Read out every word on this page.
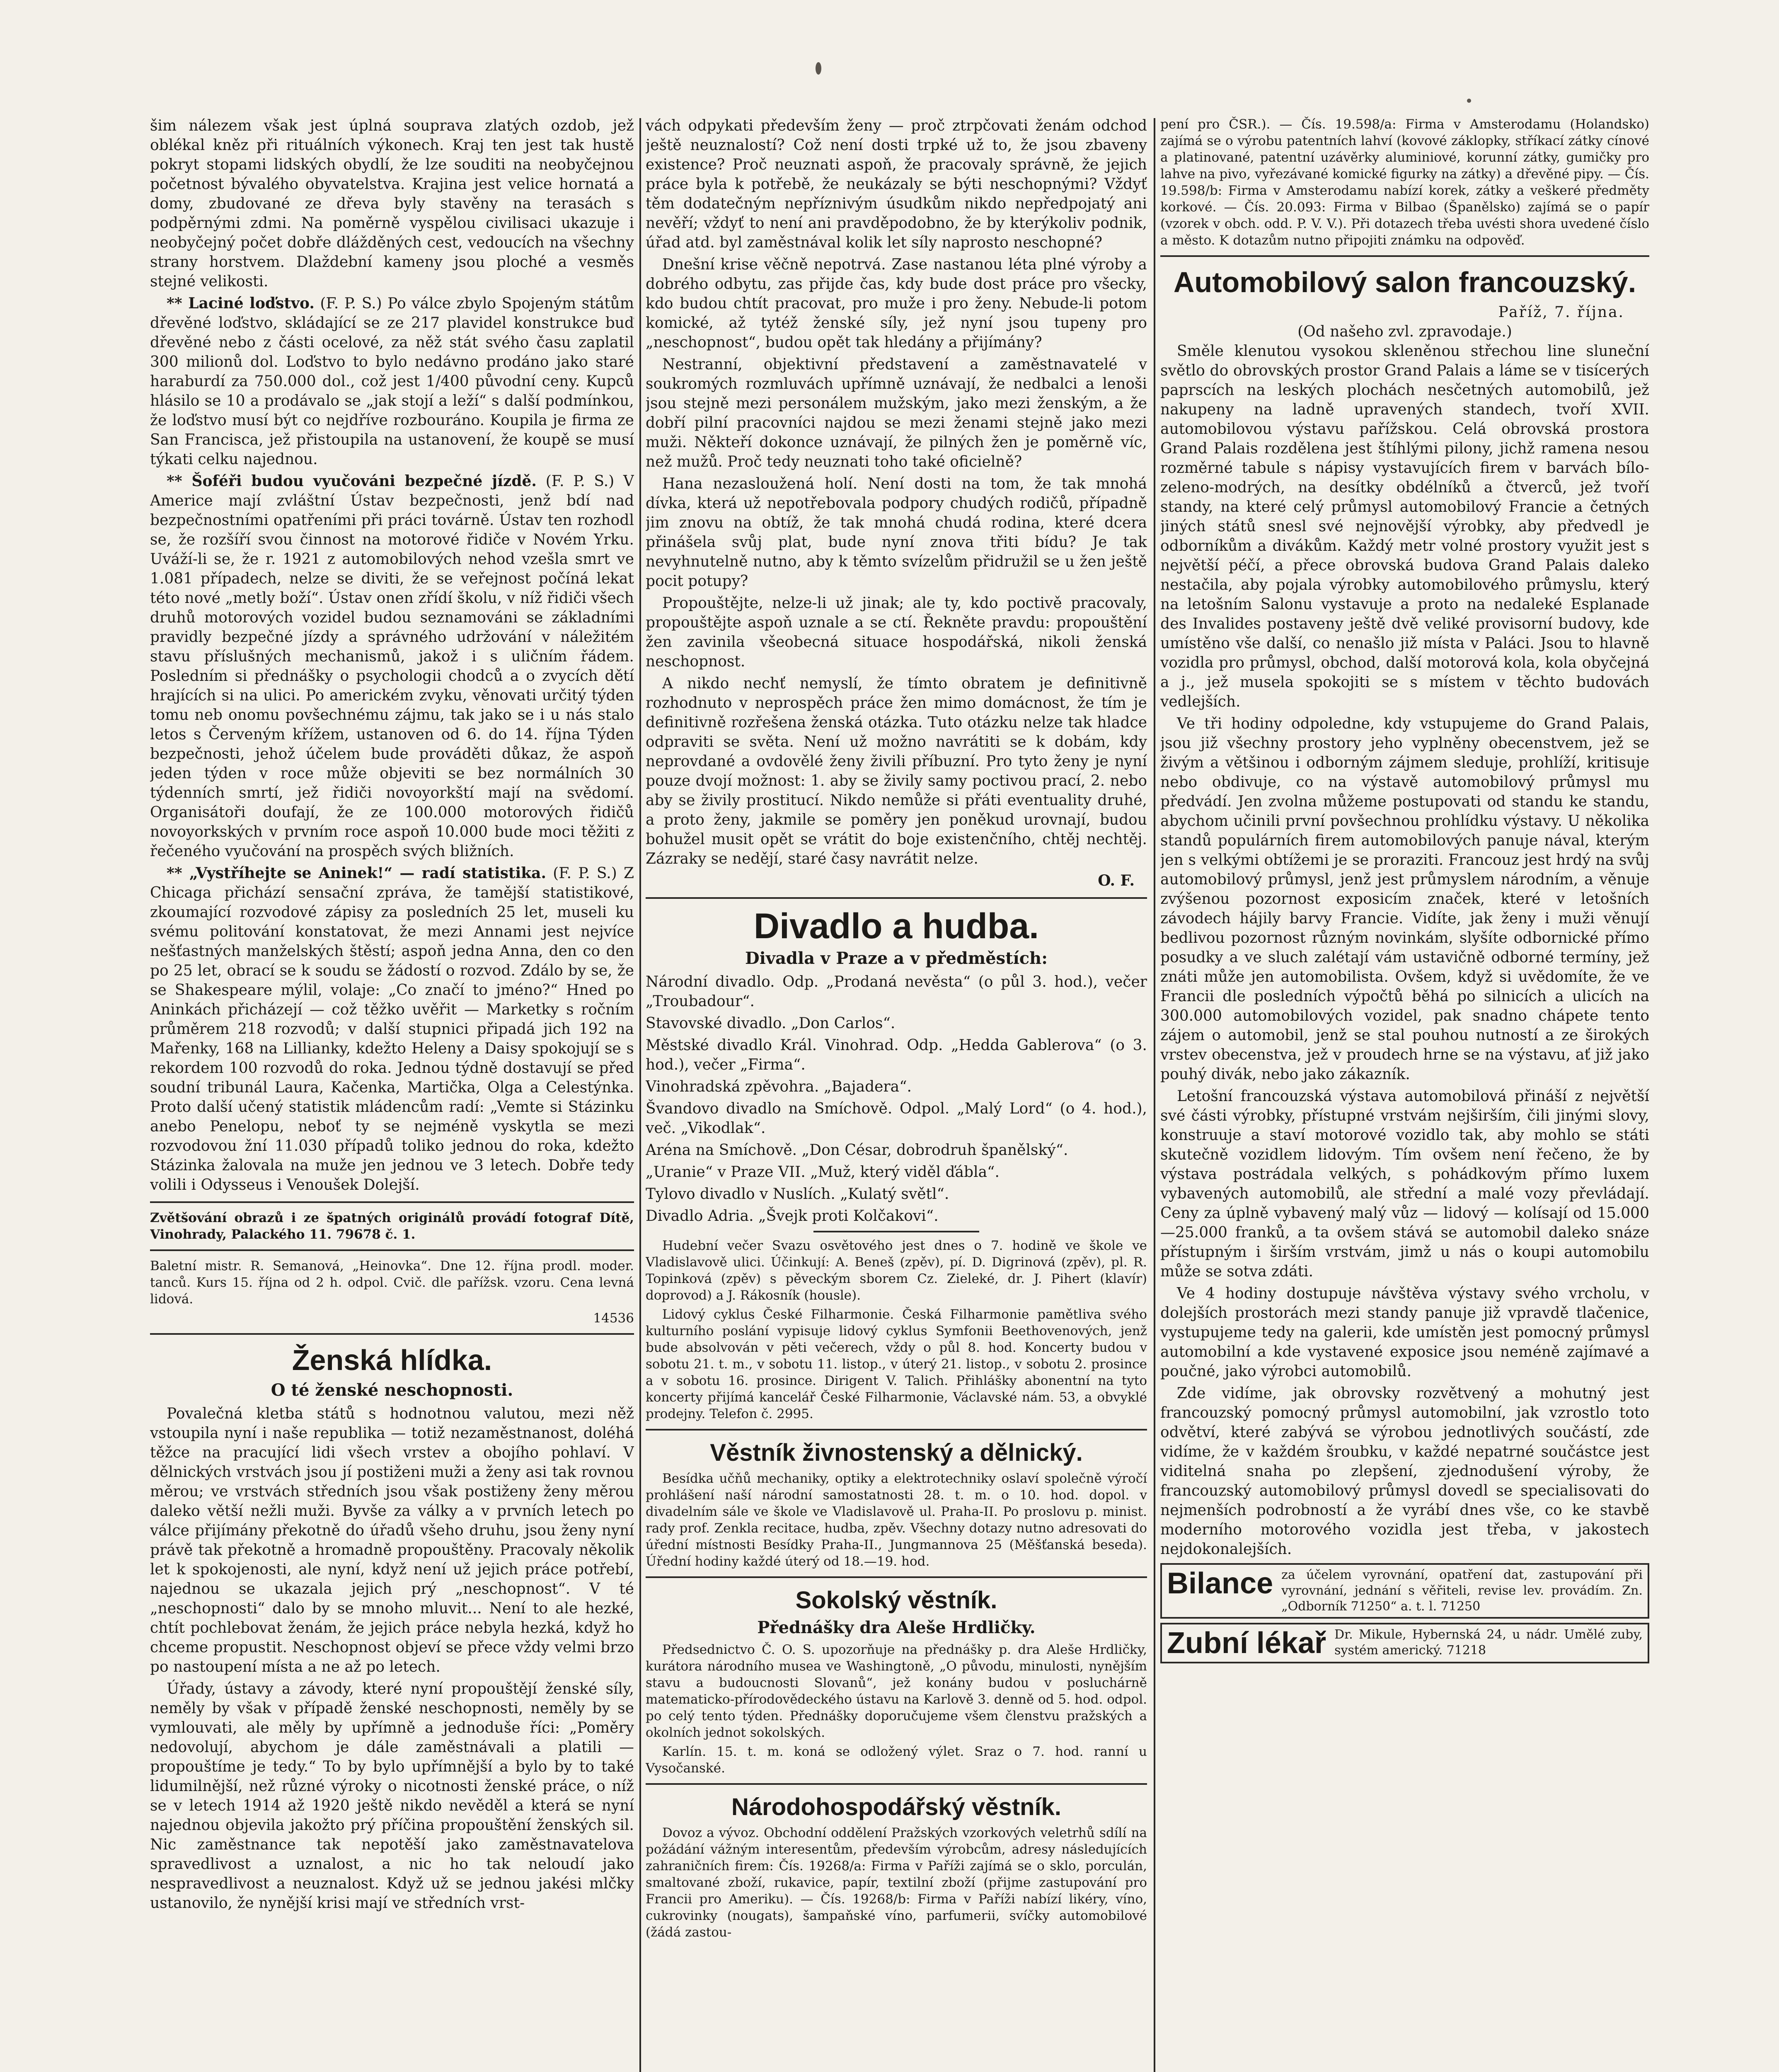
šim nálezem však jest úplná souprava zlatých ozdob, jež oblékal kněz při rituálních výkonech. Kraj ten jest tak hustě pokryt stopami lidských obydlí, že lze souditi na neobyčejnou početnost bývalého obyvatelstva. Krajina jest velice hornatá a domy, zbudované ze dřeva byly stavěny na terasách s podpěrnými zdmi. Na poměrně vyspělou civilisaci ukazuje i neobyčejný počet dobře dlážděných cest, vedoucích na všechny strany horstvem. Dlaždební kameny jsou ploché a vesměs stejné velikosti.

** Laciné loďstvo. (F. P. S.) Po válce zbylo Spojeným státům dřevěné loďstvo, skládající se ze 217 plavidel konstrukce buď dřevěné nebo z části ocelové, za něž stát svého času zaplatil 300 milionů dol. Loďstvo to bylo nedávno prodáno jako staré haraburdí za 750.000 dol., což jest 1/400 původní ceny. Kupců hlásilo se 10 a prodávalo se „jak stojí a leží“ s další podmínkou, že loďstvo musí být co nejdříve rozbouráno. Koupila je firma ze San Francisca, jež přistoupila na ustanovení, že koupě se musí týkati celku najednou.

** Šoféři budou vyučováni bezpečné jízdě. (F. P. S.) V Americe mají zvláštní Ústav bezpečnosti, jenž bdí nad bezpečnostními opatřeními při práci továrně. Ústav ten rozhodl se, že rozšíří svou činnost na motorové řidiče v Novém Yrku. Uváží-li se, že r. 1921 z automobilových nehod vzešla smrt ve 1.081 případech, nelze se diviti, že se veřejnost počíná lekat této nové „metly boží“. Ústav onen zřídí školu, v níž řidiči všech druhů motorových vozidel budou seznamováni se základními pravidly bezpečné jízdy a správného udržování v náležitém stavu příslušných mechanismů, jakož i s uličním řádem. Posledním si přednášky o psychologii chodců a o zvycích dětí hrajících si na ulici. Po americkém zvyku, věnovati určitý týden tomu neb onomu povšechnému zájmu, tak jako se i u nás stalo letos s Červeným křížem, ustanoven od 6. do 14. října Týden bezpečnosti, jehož účelem bude prováděti důkaz, že aspoň jeden týden v roce může objeviti se bez normálních 30 týdenních smrtí, jež řidiči novoyorkští mají na svědomí. Organisátoři doufají, že ze 100.000 motorových řidičů novoyorkských v prvním roce aspoň 10.000 bude moci těžiti z řečeného vyučování na prospěch svých bližních.

** „Vystříhejte se Aninek!“ — radí statistika. (F. P. S.) Z Chicaga přichází sensační zpráva, že tamější statistikové, zkoumající rozvodové zápisy za posledních 25 let, museli ku svému politování konstatovat, že mezi Annami jest nejvíce nešťastných manželských štěstí; aspoň jedna Anna, den co den po 25 let, obrací se k soudu se žádostí o rozvod. Zdálo by se, že se Shakespeare mýlil, volaje: „Co značí to jméno?“ Hned po Aninkách přicházejí — což těžko uvěřit — Marketky s ročním průměrem 218 rozvodů; v další stupnici připadá jich 192 na Mařenky, 168 na Lillianky, kdežto Heleny a Daisy spokojují se s rekordem 100 rozvodů do roka. Jednou týdně dostavují se před soudní tribunál Laura, Kačenka, Martička, Olga a Celestýnka. Proto další učený statistik mládencům radí: „Vemte si Stázinku anebo Penelopu, neboť ty se nejméně vyskytla se mezi rozvodovou žní 11.030 případů toliko jednou do roka, kdežto Stázinka žalovala na muže jen jednou ve 3 letech. Dobře tedy volili i Odysseus i Venoušek Dolejší.

Zvětšování obrazů i ze špatných originálů provádí fotograf Dítě, Vinohrady, Palackého 11. 79678 č. 1.

Baletní mistr. R. Semanová, „Heinovka“. Dne 12. října prodl. moder. tanců. Kurs 15. října od 2 h. odpol. Cvič. dle pařížsk. vzoru. Cena levná lidová.

14536
Ženská hlídka.
O té ženské neschopnosti.

Povalečná kletba států s hodnotnou valutou, mezi něž vstoupila nyní i naše republika — totiž nezaměstnanost, doléhá těžce na pracující lidi všech vrstev a obojího pohlaví. V dělnických vrstvách jsou jí postiženi muži a ženy asi tak rovnou měrou; ve vrstvách středních jsou však postiženy ženy měrou daleko větší nežli muži. Byvše za války a v prvních letech po válce přijímány překotně do úřadů všeho druhu, jsou ženy nyní právě tak překotně a hromadně propouštěny. Pracovaly několik let k spokojenosti, ale nyní, když není už jejich práce potřebí, najednou se ukazala jejich prý „neschopnost“. V té „neschopnosti“ dalo by se mnoho mluvit... Není to ale hezké, chtít pochlebovat ženám, že jejich práce nebyla hezká, když ho chceme propustit. Neschopnost objeví se přece vždy velmi brzo po nastoupení místa a ne až po letech.

Úřady, ústavy a závody, které nyní propouštějí ženské síly, neměly by však v případě ženské neschopnosti, neměly by se vymlouvati, ale měly by upřímně a jednoduše říci: „Poměry nedovolují, abychom je dále zaměstnávali a platili — propouštíme je tedy.“ To by bylo upřímnější a bylo by to také lidumilnější, než různé výroky o nicotnosti ženské práce, o níž se v letech 1914 až 1920 ještě nikdo nevěděl a která se nyní najednou objevila jakožto prý příčina propouštění ženských sil. Nic zaměstnance tak nepotěší jako zaměstnavatelova spravedlivost a uznalost, a nic ho tak neloudí jako nespravedlivost a neuznalost. Když už se jednou jakési mlčky ustanovilo, že nynější krisi mají ve středních vrst-

vách odpykati především ženy — proč ztrpčovati ženám odchod ještě neuznalostí? Což není dosti trpké už to, že jsou zbaveny existence? Proč neuznati aspoň, že pracovaly správně, že jejich práce byla k potřebě, že neukázaly se býti neschopnými? Vždyť těm dodatečným nepříznivým úsudkům nikdo nepředpojatý ani nevěří; vždyť to není ani pravděpodobno, že by kterýkoliv podnik, úřad atd. byl zaměstnával kolik let síly naprosto neschopné?

Dnešní krise věčně nepotrvá. Zase nastanou léta plné výroby a dobrého odbytu, zas přijde čas, kdy bude dost práce pro všecky, kdo budou chtít pracovat, pro muže i pro ženy. Nebude-li potom komické, až tytéž ženské síly, jež nyní jsou tupeny pro „neschopnost“, budou opět tak hledány a přijímány?

Nestranní, objektivní představení a zaměstnavatelé v soukromých rozmluvách upřímně uznávají, že nedbalci a lenoši jsou stejně mezi personálem mužským, jako mezi ženským, a že dobří pilní pracovníci najdou se mezi ženami stejně jako mezi muži. Někteří dokonce uznávají, že pilných žen je poměrně víc, než mužů. Proč tedy neuznati toho také oficielně?

Hana nezasloužená holí. Není dosti na tom, že tak mnohá dívka, která už nepotřebovala podpory chudých rodičů, případně jim znovu na obtíž, že tak mnohá chudá rodina, které dcera přinášela svůj plat, bude nyní znova třiti bídu? Je tak nevyhnutelně nutno, aby k těmto svízelům přidružil se u žen ještě pocit potupy?

Propouštějte, nelze-li už jinak; ale ty, kdo poctivě pracovaly, propouštějte aspoň uznale a se ctí. Řekněte pravdu: propouštění žen zavinila všeobecná situace hospodářská, nikoli ženská neschopnost.

A nikdo nechť nemyslí, že tímto obratem je definitivně rozhodnuto v neprospěch práce žen mimo domácnost, že tím je definitivně rozřešena ženská otázka. Tuto otázku nelze tak hladce odpraviti se světa. Není už možno navrátiti se k dobám, kdy neprovdané a ovdovělé ženy živili příbuzní. Pro tyto ženy je nyní pouze dvojí možnost: 1. aby se živily samy poctivou prací, 2. nebo aby se živily prostitucí. Nikdo nemůže si přáti eventuality druhé, a proto ženy, jakmile se poměry jen poněkud urovnají, budou bohužel musit opět se vrátit do boje existenčního, chtěj nechtěj. Zázraky se nedějí, staré časy navrátit nelze.

O. F.
Divadlo a hudba.
Divadla v Praze a v předměstích:

Národní divadlo. Odp. „Prodaná nevěsta“ (o půl 3. hod.), večer „Troubadour“.

Stavovské divadlo. „Don Carlos“.

Městské divadlo Král. Vinohrad. Odp. „Hedda Gablerova“ (o 3. hod.), večer „Firma“.

Vinohradská zpěvohra. „Bajadera“.

Švandovo divadlo na Smíchově. Odpol. „Malý Lord“ (o 4. hod.), več. „Vikodlak“.

Aréna na Smíchově. „Don César, dobrodruh španělský“.

„Uranie“ v Praze VII. „Muž, který viděl ďábla“.

Tylovo divadlo v Nuslích. „Kulatý světl“.

Divadlo Adria. „Švejk proti Kolčakovi“.

Hudební večer Svazu osvětového jest dnes o 7. hodině ve škole ve Vladislavově ulici. Účinkují: A. Beneš (zpěv), pí. D. Digrinová (zpěv), pl. R. Topinková (zpěv) s pěveckým sborem Cz. Zieleké, dr. J. Pihert (klavír) doprovod) a J. Rákosník (housle).

Lidový cyklus České Filharmonie. Česká Filharmonie pamětliva svého kulturního poslání vypisuje lidový cyklus Symfonii Beethovenových, jenž bude absolvován v pěti večerech, vždy o půl 8. hod. Koncerty budou v sobotu 21. t. m., v sobotu 11. listop., v úterý 21. listop., v sobotu 2. prosince a v sobotu 16. prosince. Dirigent V. Talich. Přihlášky abonentní na tyto koncerty přijímá kancelář České Filharmonie, Václavské nám. 53, a obvyklé prodejny. Telefon č. 2995.

Věstník živnostenský a dělnický.

Besídka učňů mechaniky, optiky a elektrotechniky oslaví společně výročí prohlášení naší národní samostatnosti 28. t. m. o 10. hod. dopol. v divadelním sále ve škole ve Vladislavově ul. Praha-II. Po proslovu p. minist. rady prof. Zenkla recitace, hudba, zpěv. Všechny dotazy nutno adresovati do úřední místnosti Besídky Praha-II., Jungmannova 25 (Měšťanská beseda). Úřední hodiny každé úterý od 18.—19. hod.

Sokolský věstník.
Přednášky dra Aleše Hrdličky.

Předsednictvo Č. O. S. upozorňuje na přednášky p. dra Aleše Hrdličky, kurátora národního musea ve Washingtoně, „O původu, minulosti, nynějším stavu a budoucnosti Slovanů“, jež konány budou v posluchárně matematicko-přírodovědeckého ústavu na Karlově 3. denně od 5. hod. odpol. po celý tento týden. Přednášky doporučujeme všem členstvu pražských a okolních jednot sokolských.

Karlín. 15. t. m. koná se odložený výlet. Sraz o 7. hod. ranní u Vysočanské.

Národohospodářský věstník.

Dovoz a vývoz. Obchodní oddělení Pražských vzorkových veletrhů sdílí na požádání vážným interesentům, především výrobcům, adresy následujících zahraničních firem: Čís. 19268/a: Firma v Paříži zajímá se o sklo, porculán, smaltované zboží, rukavice, papír, textilní zboží (přijme zastupování pro Francii pro Ameriku). — Čís. 19268/b: Firma v Paříži nabízí likéry, víno, cukrovinky (nougats), šampaňské víno, parfumerii, svíčky automobilové (žádá zastou-

pení pro ČSR.). — Čís. 19.598/a: Firma v Amsterodamu (Holandsko) zajímá se o výrobu patentních lahví (kovové záklopky, stříkací zátky cínové a platinované, patentní uzávěrky aluminiové, korunní zátky, gumičky pro lahve na pivo, vyřezávané komické figurky na zátky) a dřevěné pipy. — Čís. 19.598/b: Firma v Amsterodamu nabízí korek, zátky a veškeré předměty korkové. — Čís. 20.093: Firma v Bilbao (Španělsko) zajímá se o papír (vzorek v obch. odd. P. V. V.). Při dotazech třeba uvésti shora uvedené číslo a město. K dotazům nutno připojiti známku na odpověď.

Automobilový salon francouzský.
Paříž, 7. října.
(Od našeho zvl. zpravodaje.)

Směle klenutou vysokou skleněnou střechou line sluneční světlo do obrovských prostor Grand Palais a láme se v tisícerých paprscích na leských plochách nesčetných automobilů, jež nakupeny na ladně upravených standech, tvoří XVII. automobilovou výstavu pařížskou. Celá obrovská prostora Grand Palais rozdělena jest štíhlými pilony, jichž ramena nesou rozměrné tabule s nápisy vystavujících firem v barvách bílo-zeleno-modrých, na desítky obdélníků a čtverců, jež tvoří standy, na které celý průmysl automobilový Francie a četných jiných států snesl své nejnovější výrobky, aby předvedl je odborníkům a divákům. Každý metr volné prostory využit jest s největší péčí, a přece obrovská budova Grand Palais daleko nestačila, aby pojala výrobky automobilového průmyslu, který na letošním Salonu vystavuje a proto na nedaleké Esplanade des Invalides postaveny ještě dvě veliké provisorní budovy, kde umístěno vše další, co nenašlo již místa v Paláci. Jsou to hlavně vozidla pro průmysl, obchod, další motorová kola, kola obyčejná a j., jež musela spokojiti se s místem v těchto budovách vedlejších.

Ve tři hodiny odpoledne, kdy vstupujeme do Grand Palais, jsou již všechny prostory jeho vyplněny obecenstvem, jež se živým a většinou i odborným zájmem sleduje, prohlíží, kritisuje nebo obdivuje, co na výstavě automobilový průmysl mu předvádí. Jen zvolna můžeme postupovati od standu ke standu, abychom učinili první povšechnou prohlídku výstavy. U několika standů populárních firem automobilových panuje nával, kterým jen s velkými obtížemi je se proraziti. Francouz jest hrdý na svůj automobilový průmysl, jenž jest průmyslem národním, a věnuje zvýšenou pozornost exposicím značek, které v letošních závodech hájily barvy Francie. Vidíte, jak ženy i muži věnují bedlivou pozornost různým novinkám, slyšíte odbornické přímo posudky a ve sluch zalétají vám ustavičně odborné termíny, jež znáti může jen automobilista. Ovšem, když si uvědomíte, že ve Francii dle posledních výpočtů běhá po silnicích a ulicích na 300.000 automobilových vozidel, pak snadno chápete tento zájem o automobil, jenž se stal pouhou nutností a ze širokých vrstev obecenstva, jež v proudech hrne se na výstavu, ať již jako pouhý divák, nebo jako zákazník.

Letošní francouzská výstava automobilová přináší z největší své části výrobky, přístupné vrstvám nejširším, čili jinými slovy, konstruuje a staví motorové vozidlo tak, aby mohlo se státi skutečně vozidlem lidovým. Tím ovšem není řečeno, že by výstava postrádala velkých, s pohádkovým přímo luxem vybavených automobilů, ale střední a malé vozy převládají. Ceny za úplně vybavený malý vůz — lidový — kolísají od 15.000—25.000 franků, a ta ovšem stává se automobil daleko snáze přístupným i širším vrstvám, jimž u nás o koupi automobilu může se sotva zdáti.

Ve 4 hodiny dostupuje návštěva výstavy svého vrcholu, v dolejších prostorách mezi standy panuje již vpravdě tlačenice, vystupujeme tedy na galerii, kde umístěn jest pomocný průmysl automobilní a kde vystavené exposice jsou neméně zajímavé a poučné, jako výrobci automobilů.

Zde vidíme, jak obrovsky rozvětvený a mohutný jest francouzský pomocný průmysl automobilní, jak vzrostlo toto odvětví, které zabývá se výrobou jednotlivých součástí, zde vidíme, že v každém šroubku, v každé nepatrné součástce jest viditelná snaha po zlepšení, zjednodušení výroby, že francouzský automobilový průmysl dovedl se specialisovati do nejmenších podrobností a že vyrábí dnes vše, co ke stavbě moderního motorového vozidla jest třeba, v jakostech nejdokonalejších.

Bilance za účelem vyrovnání, opatření dat, zastupování při vyrovnání, jednání s věřiteli, revise lev. provádím. Zn. „Odborník 71250“ a. t. l. 71250
Zubní lékař Dr. Mikule, Hybernská 24, u nádr. Umělé zuby, systém americký. 71218
